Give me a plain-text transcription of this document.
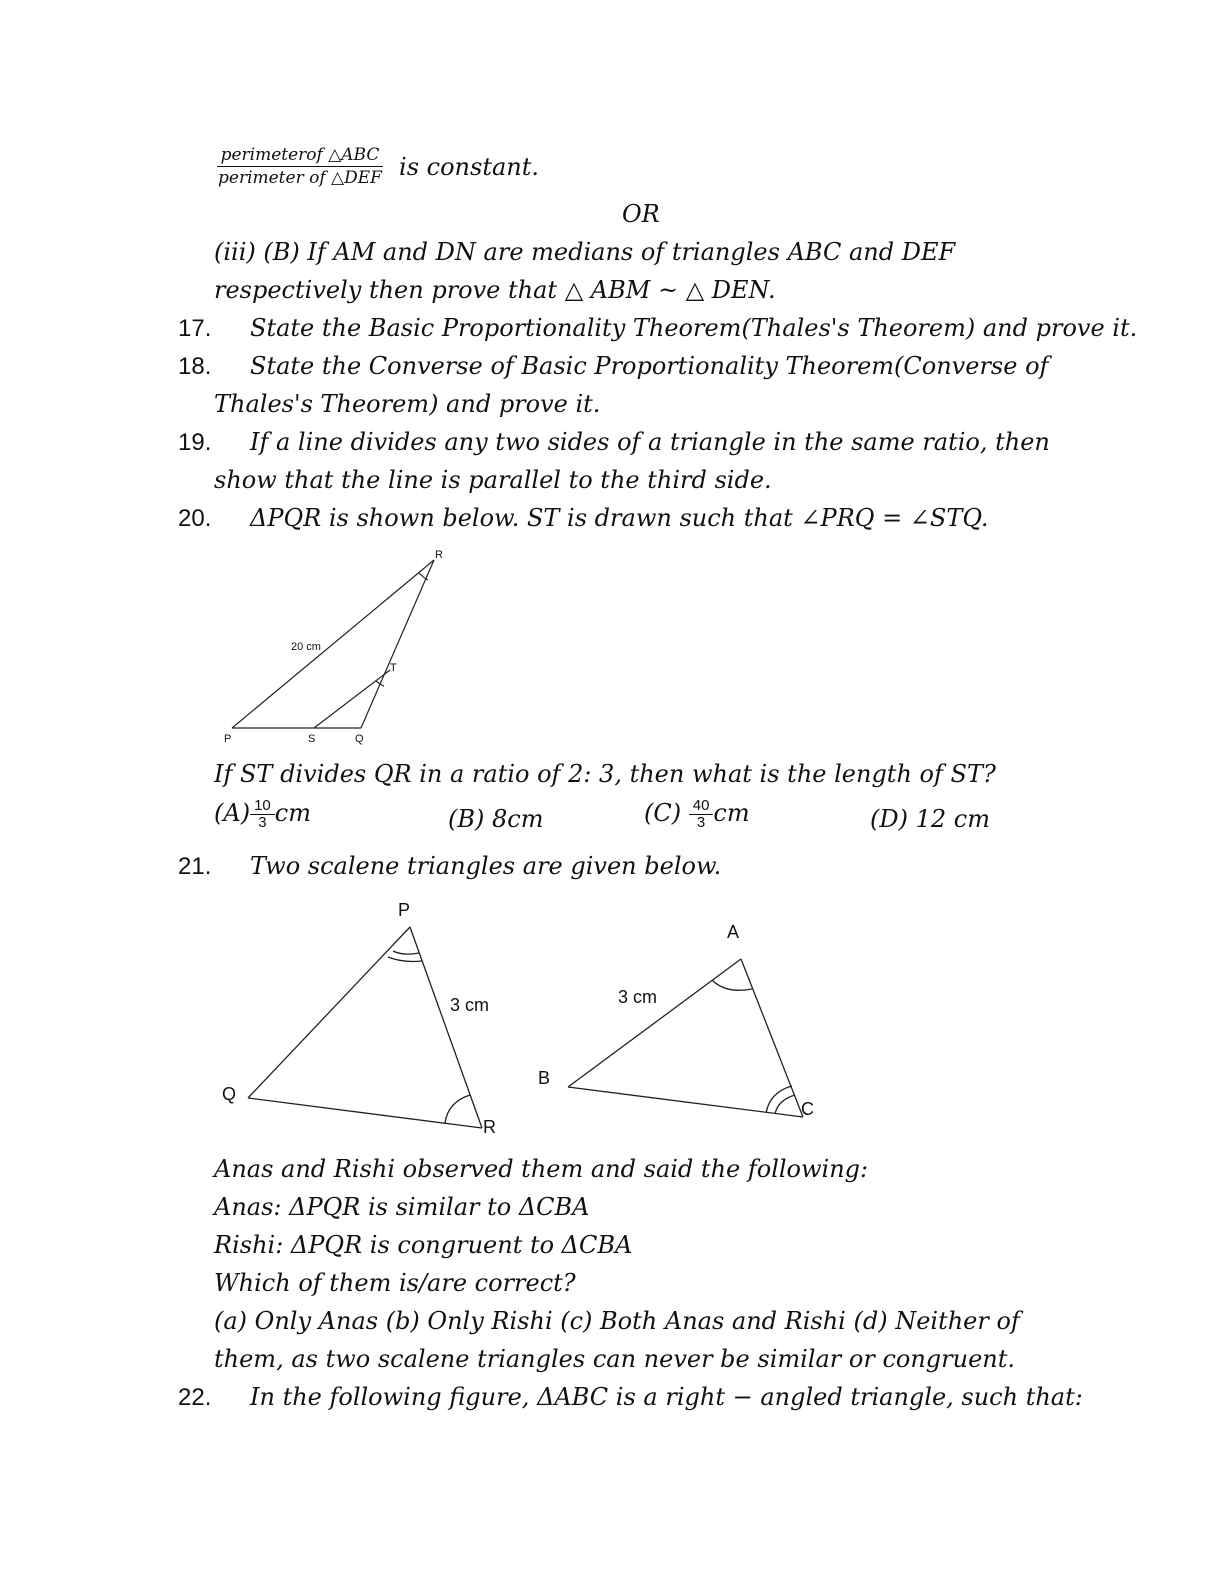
$\frac{\text{perimeterof △ABC}}{\text{perimeter of △DEF}}$ is constant.
OR
(iii) (B) If AM and DN are medians of triangles ABC and DEF
respectively then prove that △ ABM ~ △ DEN.
17. State the Basic Proportionality Theorem(Thales's Theorem) and prove it.
18. State the Converse of Basic Proportionality Theorem(Converse of
Thales's Theorem) and prove it.
19. If a line divides any two sides of a triangle in the same ratio, then
show that the line is parallel to the third side.
20. ΔPQR is shown below. ST is drawn such that ∠PRQ = ∠STQ.
P	S	Q
R
T
20 cm
If ST divides QR in a ratio of 2: 3, then what is the length of ST?
$(A) \frac{10}{3}$ cm	(B) 8cm	$(C) \frac{40}{3}$ cm	(D) 12 cm
21. Two scalene triangles are given below.
P
Q
R
3 cm
A
B
C
3 cm
Anas and Rishi observed them and said the following:
Anas: ΔPQR is similar to ΔCBA
Rishi: ΔPQR is congruent to ΔCBA
Which of them is/are correct?
(a) Only Anas (b) Only Rishi (c) Both Anas and Rishi (d) Neither of
them, as two scalene triangles can never be similar or congruent.
22. In the following figure, ΔABC is a right − angled triangle, such that:
